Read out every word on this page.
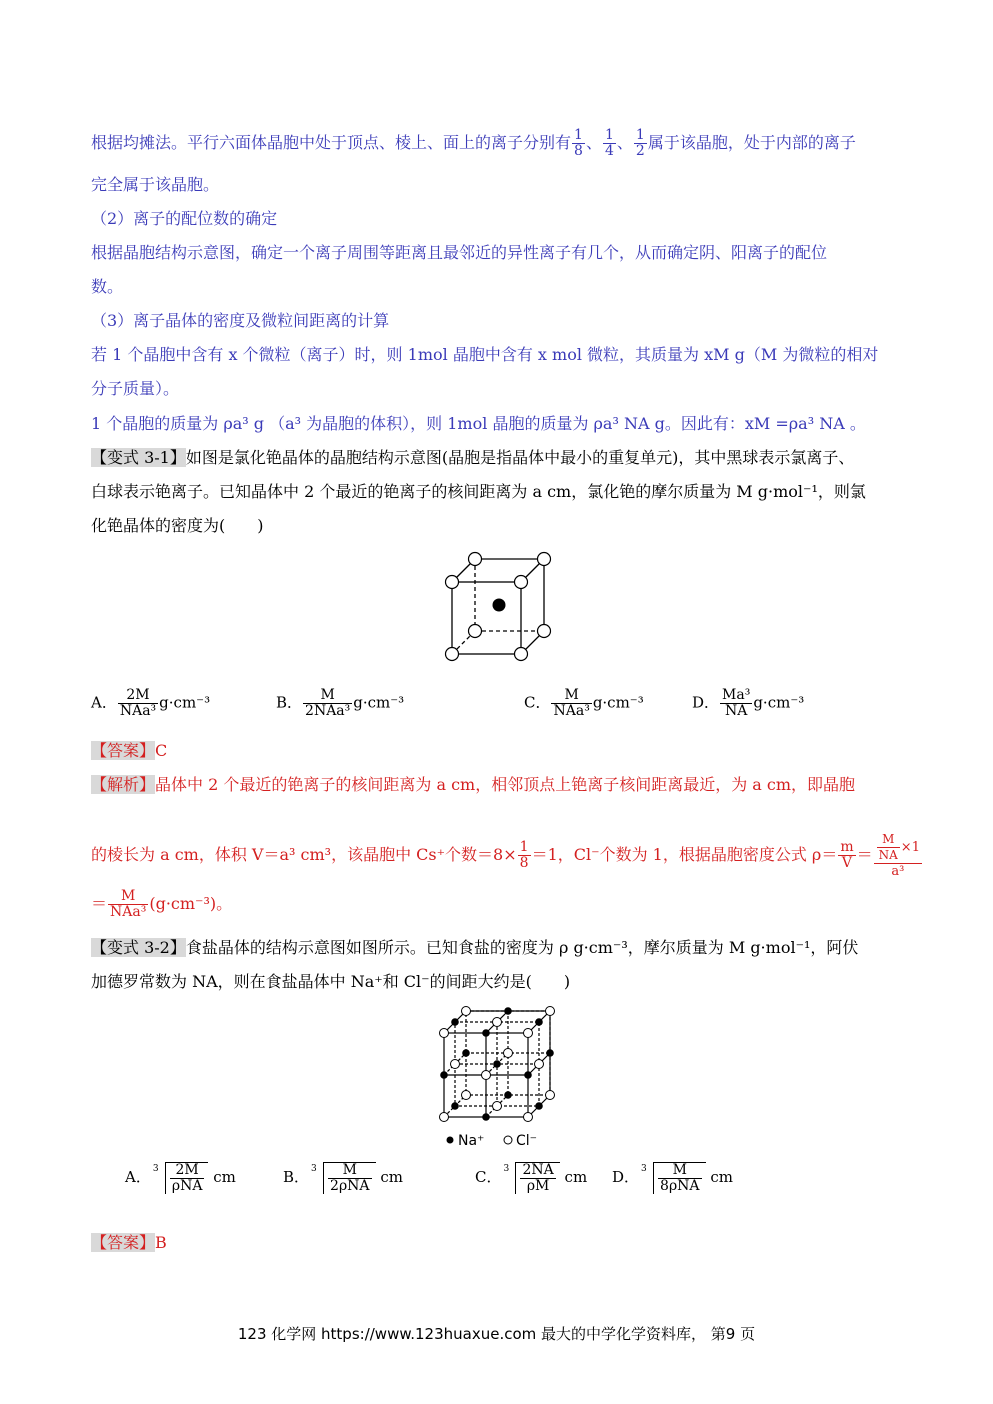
根据均摊法。平行六面体晶胞中处于顶点、棱上、面上的离子分别有 $\frac{1}{8}$ 、 $\frac{1}{4}$ 、 $\frac{1}{2}$ 属于该晶胞，处于内部的离子
完全属于该晶胞。
（2）离子的配位数的确定
根据晶胞结构示意图，确定一个离子周围等距离且最邻近的异性离子有几个，从而确定阴、阳离子的配位
数。
（3）离子晶体的密度及微粒间距离的计算
若 1 个晶胞中含有 x 个微粒（离子）时，则 1mol 晶胞中含有 x mol 微粒，其质量为 xM g（M 为微粒的相对
分子质量）。
1 个晶胞的质量为 ρa³ g （a³ 为晶胞的体积），则 1mol 晶胞的质量为 ρa³ NA g。因此有：xM =ρa³ NA 。
【变式 3-1】如图是氯化铯晶体的晶胞结构示意图(晶胞是指晶体中最小的重复单元)，其中黑球表示氯离子、
白球表示铯离子。已知晶体中 2 个最近的铯离子的核间距离为 a cm，氯化铯的摩尔质量为 M g·mol⁻¹，则氯
化铯晶体的密度为(　　)
A． $\frac{2M}{\text{NAa³}} g\cdot cm^{-3}$	B． $\frac{M}{\text{2NAa³}} g\cdot cm^{-3}$	C． $\frac{M}{\text{NAa³}} g\cdot cm^{-3}$	D． $\frac{\text{Ma³}}{NA} g\cdot cm^{-3}$
【答案】C
【解析】晶体中 2 个最近的铯离子的核间距离为 a cm，相邻顶点上铯离子核间距离最近，为 a cm，即晶胞
的棱长为 a cm，体积 V＝a³ cm³，该晶胞中 Cs⁺个数$=8\times \frac{1}{8} =1$，Cl⁻个数为 1，根据晶胞密度公式 $\rho= \frac{m}{V} = \frac{\frac{M}{NA} \times 1}{\text{a³}}$
＝ $\frac{M}{\text{NAa³}} (g\cdot cm^{-3})$。
【变式 3-2】食盐晶体的结构示意图如图所示。已知食盐的密度为 ρ g·cm⁻³，摩尔质量为 M g·mol⁻¹，阿伏
加德罗常数为 NA，则在食盐晶体中 Na⁺和 Cl⁻的间距大约是(　　)
Na⁺ Cl⁻
A． $3 \frac{2M}{\text{ρNA}}$ cm	B． $3 \frac{M}{\text{2ρNA}}$ cm	C． $3 \frac{2NA}{\rho M}$ cm D． $3 \frac{M}{\text{8ρNA}}$ cm
【答案】B
123 化学网 https://www.123huaxue.com 最大的中学化学资料库， 第9 页
